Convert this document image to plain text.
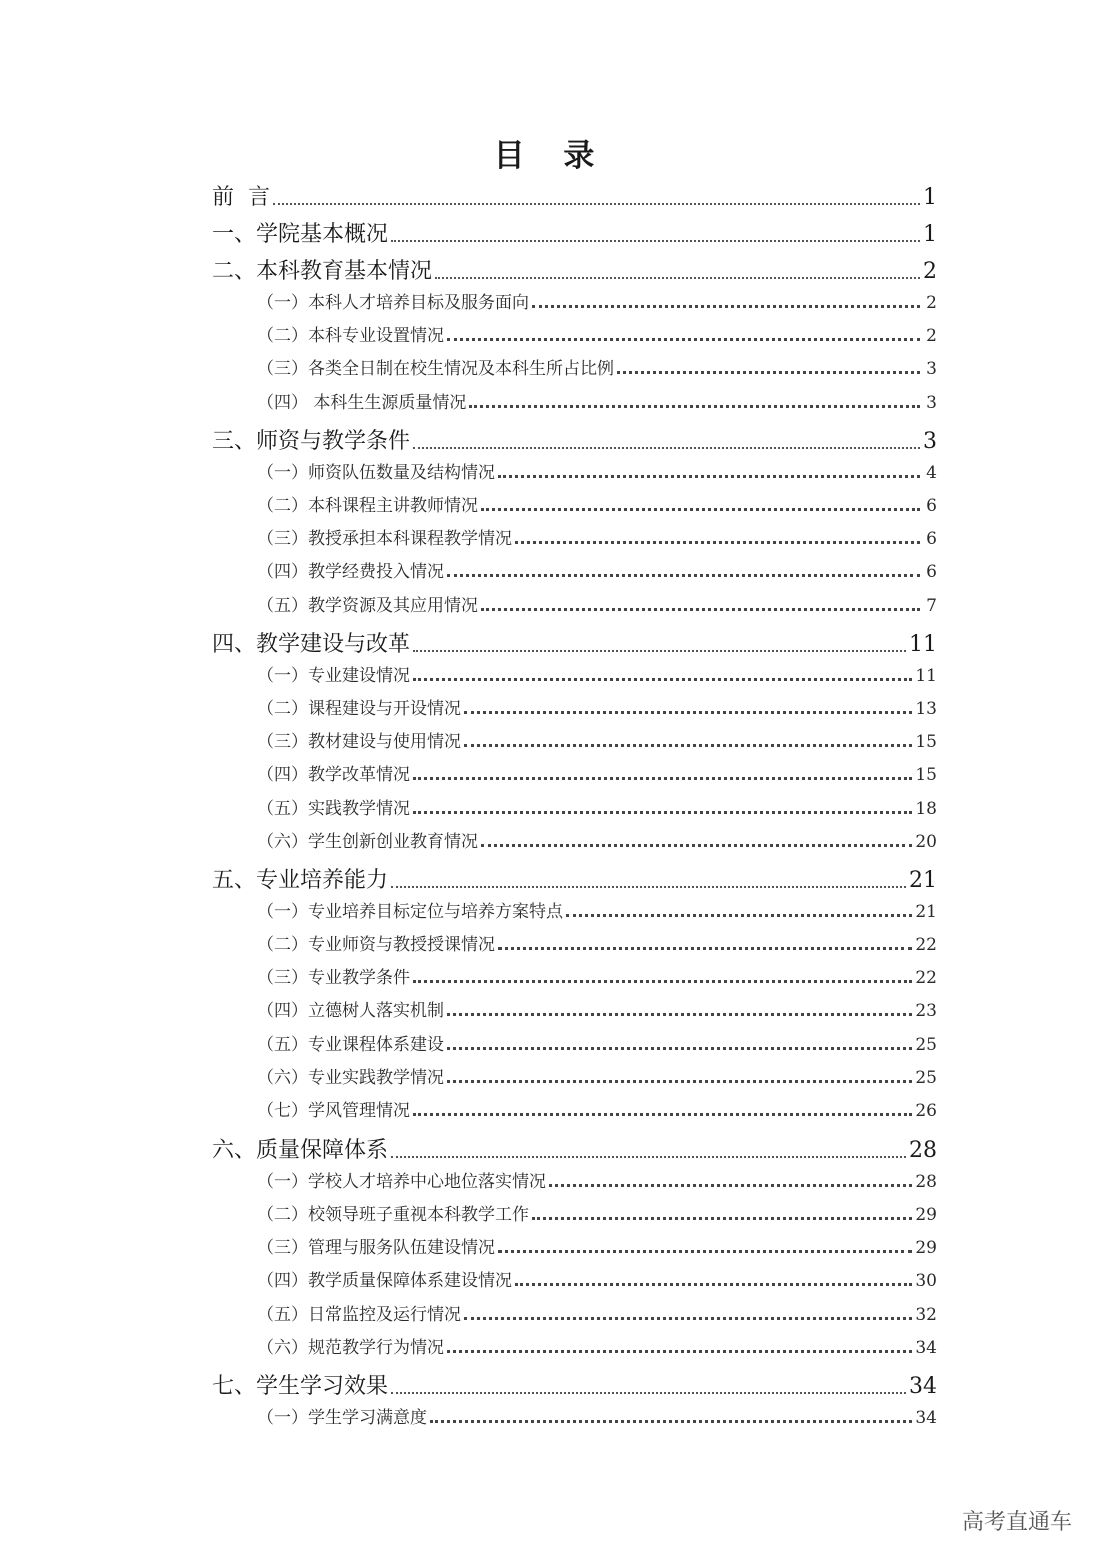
目 录
前  言	1
一、学院基本概况	1
二、本科教育基本情况	2
（一）本科人才培养目标及服务面向	2
（二）本科专业设置情况	2
（三）各类全日制在校生情况及本科生所占比例	3
（四） 本科生生源质量情况	3
三、师资与教学条件	3
（一）师资队伍数量及结构情况	4
（二）本科课程主讲教师情况	6
（三）教授承担本科课程教学情况	6
（四）教学经费投入情况	6
（五）教学资源及其应用情况	7
四、教学建设与改革	11
（一）专业建设情况	11
（二）课程建设与开设情况	13
（三）教材建设与使用情况	15
（四）教学改革情况	15
（五）实践教学情况	18
（六）学生创新创业教育情况	20
五、专业培养能力	21
（一）专业培养目标定位与培养方案特点	21
（二）专业师资与教授授课情况	22
（三）专业教学条件	22
（四）立德树人落实机制	23
（五）专业课程体系建设	25
（六）专业实践教学情况	25
（七）学风管理情况	26
六、质量保障体系	28
（一）学校人才培养中心地位落实情况	28
（二）校领导班子重视本科教学工作	29
（三）管理与服务队伍建设情况	29
（四）教学质量保障体系建设情况	30
（五）日常监控及运行情况	32
（六）规范教学行为情况	34
七、学生学习效果	34
（一）学生学习满意度	34
高考直通车
